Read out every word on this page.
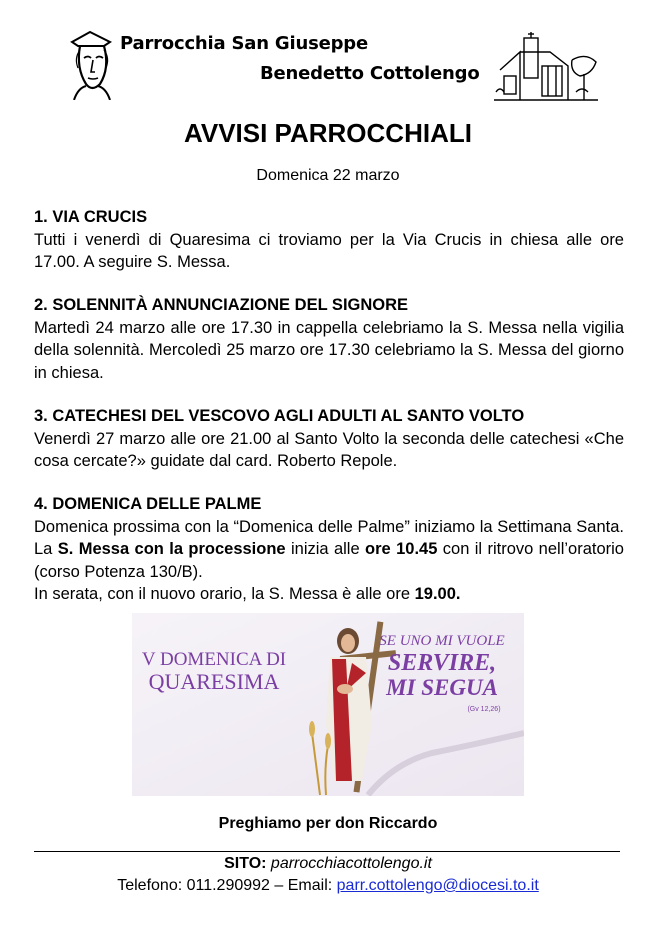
Parrocchia San Giuseppe
Benedetto Cottolengo
AVVISI PARROCCHIALI
Domenica 22 marzo
1. VIA CRUCIS

Tutti i venerdì di Quaresima ci troviamo per la Via Crucis in chiesa alle ore 17.00. A seguire S. Messa.

2. SOLENNITÀ ANNUNCIAZIONE DEL SIGNORE

Martedì 24 marzo alle ore 17.30 in cappella celebriamo la S. Messa nella vigilia della solennità. Mercoledì 25 marzo ore 17.30 celebriamo la S. Messa del giorno in chiesa.

3. CATECHESI DEL VESCOVO AGLI ADULTI AL SANTO VOLTO

Venerdì 27 marzo alle ore 21.00 al Santo Volto la seconda delle catechesi «Che cosa cercate?» guidate dal card. Roberto Repole.

4. DOMENICA DELLE PALME

Domenica prossima con la “Domenica delle Palme” iniziamo la Settimana Santa. La S. Messa con la processione inizia alle ore 10.45 con il ritrovo nell’oratorio (corso Potenza 130/B).

In serata, con il nuovo orario, la S. Messa è alle ore 19.00.

V DOMENICA DI
QUARESIMA
SE UNO MI VUOLE
SERVIRE,
MI SEGUA
(Gv 12,26)
Preghiamo per don Riccardo
SITO: parrocchiacottolengo.it
Telefono: 011.290992 – Email: parr.cottolengo@diocesi.to.it
